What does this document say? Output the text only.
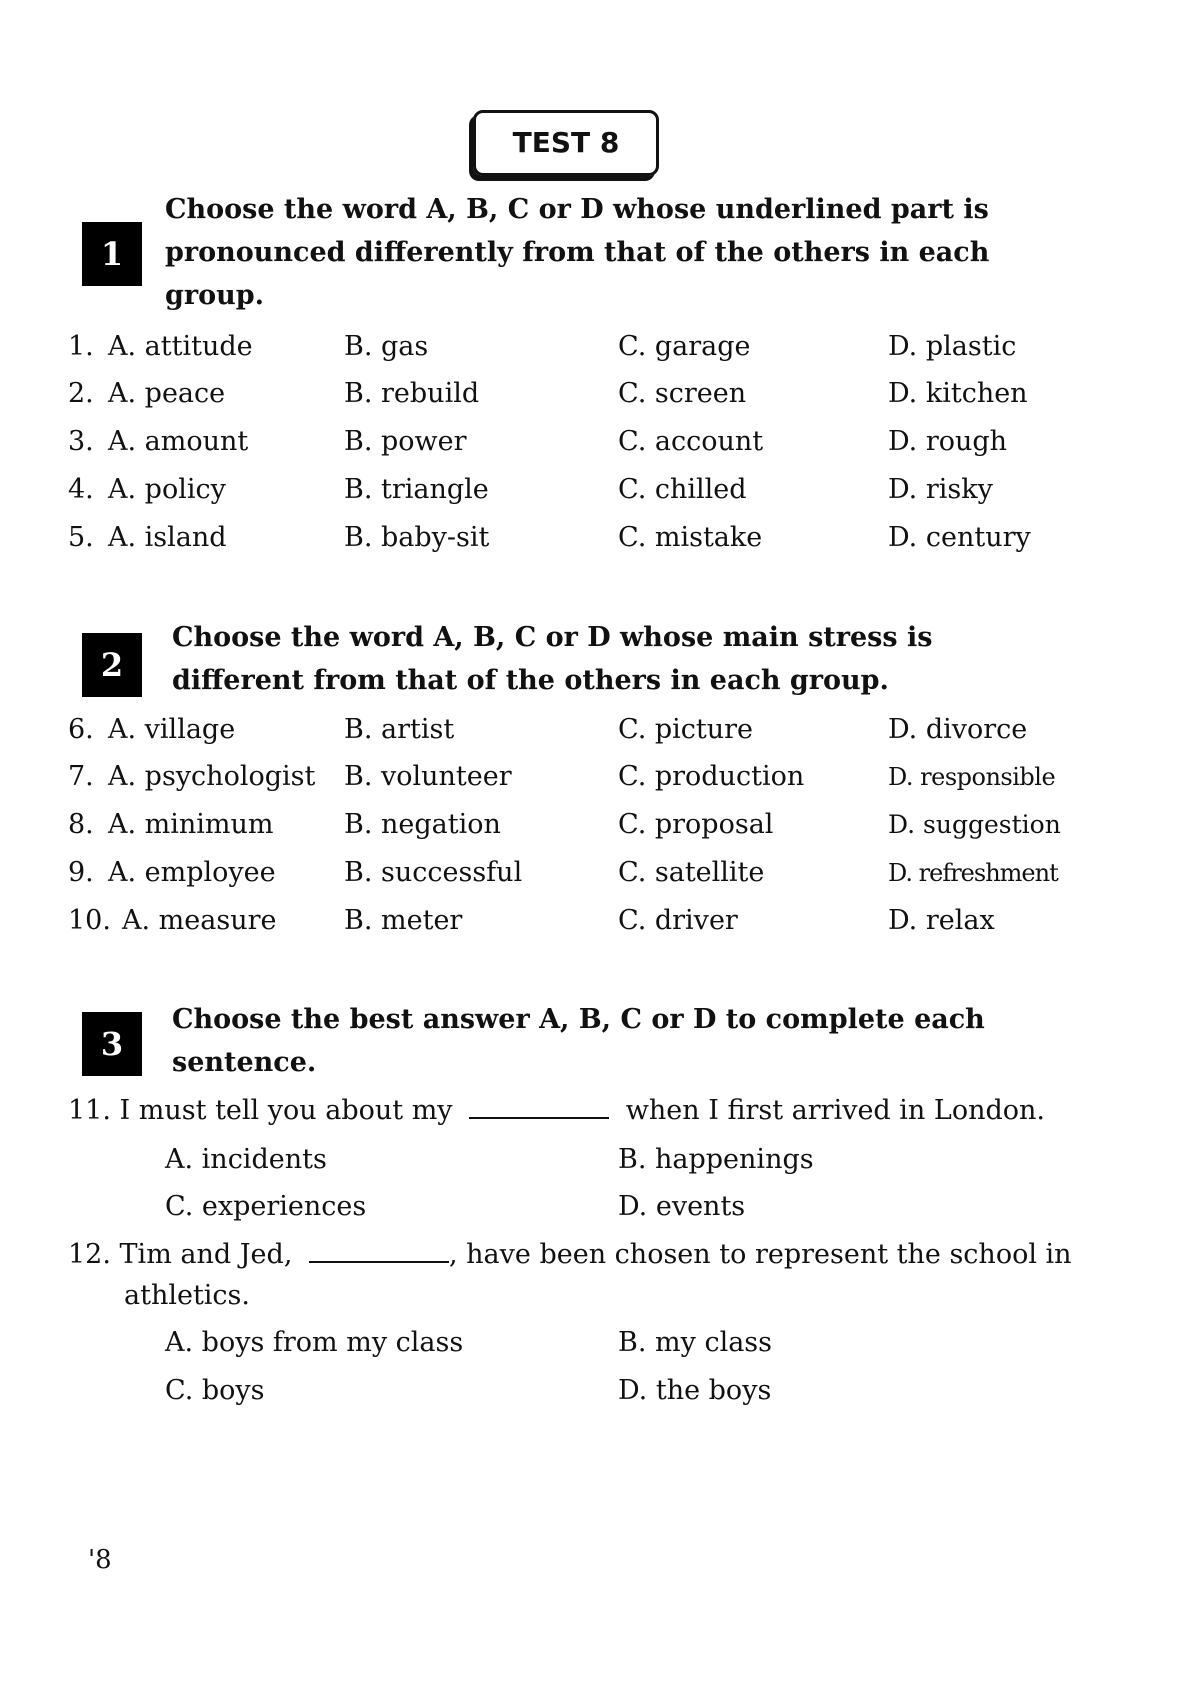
TEST 8
1
Choose the word A, B, C or D whose underlined part is pronounced differently from that of the others in each group.
1. A. attitude	B. gas	C. garage	D. plastic
2. A. peace	B. rebuild	C. screen	D. kitchen
3. A. amount	B. power	C. account	D. rough
4. A. policy	B. triangle	C. chilled	D. risky
5. A. island	B. baby-sit	C. mistake	D. century
2
Choose the word A, B, C or D whose main stress is different from that of the others in each group.
6. A. village	B. artist	C. picture	D. divorce
7. A. psychologist B. volunteer	C. production	D. responsible
8. A. minimum	B. negation	C. proposal	D. suggestion
9. A. employee	B. successful	C. satellite	D. refreshment
10. A. measure	B. meter	C. driver	D. relax
3
Choose the best answer A, B, C or D to complete each sentence.
11. I must tell you about my	when I first arrived in London.
A. incidents	B. happenings
C. experiences	D. events
12. Tim and Jed,	, have been chosen to represent the school in
athletics.
A. boys from my class	B. my class
C. boys	D. the boys
'8
